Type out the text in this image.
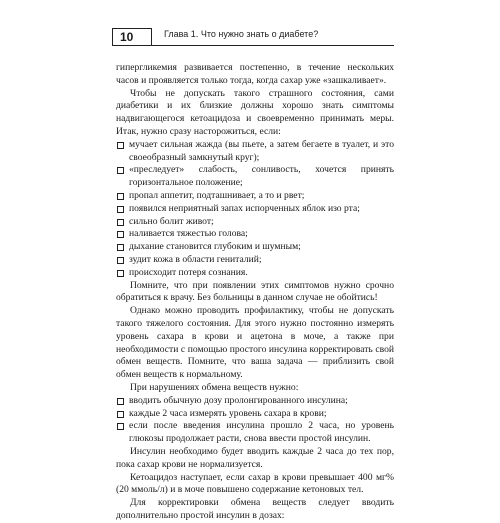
10	Глава 1. Что нужно знать о диабете?

гипергликемия развивается постепенно, в течение нескольких часов и проявляется только тогда, когда сахар уже «зашкаливает».

Чтобы не допускать такого страшного состояния, сами диабетики и их близкие должны хорошо знать симптомы надвигающегося кетоацидоза и своевременно принимать меры. Итак, нужно сразу насторожиться, если:

мучает сильная жажда (вы пьете, а затем бегаете в туалет, и это своеобразный замкнутый круг);
«преследует» слабость, сонливость, хочется принять горизонтальное положение;
пропал аппетит, подташнивает, а то и рвет;
появился неприятный запах испорченных яблок изо рта;
сильно болит живот;
наливается тяжестью голова;
дыхание становится глубоким и шумным;
зудит кожа в области гениталий;
происходит потеря сознания.

Помните, что при появлении этих симптомов нужно срочно обратиться к врачу. Без больницы в данном случае не обойтись!

Однако можно проводить профилактику, чтобы не допускать такого тяжелого состояния. Для этого нужно постоянно измерять уровень сахара в крови и ацетона в моче, а также при необходимости с помощью простого инсулина корректировать свой обмен веществ. Помните, что ваша задача — приблизить свой обмен веществ к нормальному.

При нарушениях обмена веществ нужно:

вводить обычную дозу пролонгированного инсулина;
каждые 2 часа измерять уровень сахара в крови;
если после введения инсулина прошло 2 часа, но уровень глюкозы продолжает расти, снова ввести простой инсулин.

Инсулин необходимо будет вводить каждые 2 часа до тех пор, пока сахар крови не нормализуется.

Кетоацидоз наступает, если сахар в крови превышает 400 мг% (20 ммоль/л) и в моче повышено содержание кетоновых тел.

Для корректировки обмена веществ следует вводить дополнительно простой инсулин в дозах:
